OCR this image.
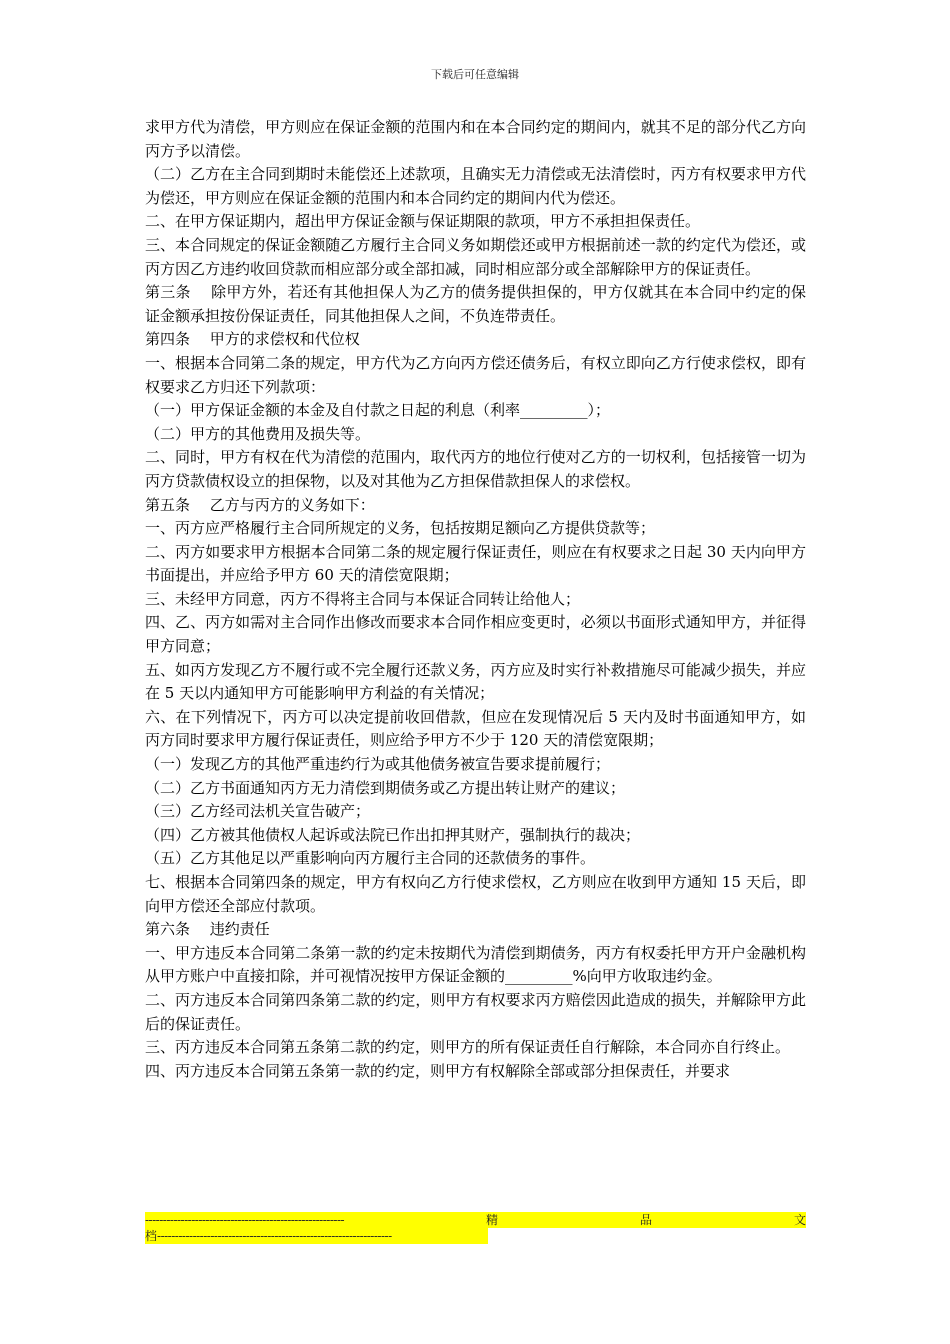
下载后可任意编辑

求甲方代为清偿，甲方则应在保证金额的范围内和在本合同约定的期间内，就其不足的部分代乙方向丙方予以清偿。

（二）乙方在主合同到期时未能偿还上述款项，且确实无力清偿或无法清偿时，丙方有权要求甲方代为偿还，甲方则应在保证金额的范围内和本合同约定的期间内代为偿还。

二、在甲方保证期内，超出甲方保证金额与保证期限的款项，甲方不承担担保责任。

三、本合同规定的保证金额随乙方履行主合同义务如期偿还或甲方根据前述一款的约定代为偿还，或丙方因乙方违约收回贷款而相应部分或全部扣减，同时相应部分或全部解除甲方的保证责任。

第三条　 除甲方外，若还有其他担保人为乙方的债务提供担保的，甲方仅就其在本合同中约定的保证金额承担按份保证责任，同其他担保人之间，不负连带责任。

第四条　 甲方的求偿权和代位权

一、根据本合同第二条的规定，甲方代为乙方向丙方偿还债务后，有权立即向乙方行使求偿权，即有权要求乙方归还下列款项：

（一）甲方保证金额的本金及自付款之日起的利息（利率_________）；

（二）甲方的其他费用及损失等。

二、同时，甲方有权在代为清偿的范围内，取代丙方的地位行使对乙方的一切权利，包括接管一切为丙方贷款债权设立的担保物，以及对其他为乙方担保借款担保人的求偿权。

第五条　 乙方与丙方的义务如下：

一、丙方应严格履行主合同所规定的义务，包括按期足额向乙方提供贷款等；

二、丙方如要求甲方根据本合同第二条的规定履行保证责任，则应在有权要求之日起 30 天内向甲方书面提出，并应给予甲方 60 天的清偿宽限期；

三、未经甲方同意，丙方不得将主合同与本保证合同转让给他人；

四、乙、丙方如需对主合同作出修改而要求本合同作相应变更时，必须以书面形式通知甲方，并征得甲方同意；

五、如丙方发现乙方不履行或不完全履行还款义务，丙方应及时实行补救措施尽可能减少损失，并应在 5 天以内通知甲方可能影响甲方利益的有关情况；

六、在下列情况下，丙方可以决定提前收回借款，但应在发现情况后 5 天内及时书面通知甲方，如丙方同时要求甲方履行保证责任，则应给予甲方不少于 120 天的清偿宽限期；

（一）发现乙方的其他严重违约行为或其他债务被宣告要求提前履行；

（二）乙方书面通知丙方无力清偿到期债务或乙方提出转让财产的建议；

（三）乙方经司法机关宣告破产；

（四）乙方被其他债权人起诉或法院已作出扣押其财产，强制执行的裁决；

（五）乙方其他足以严重影响向丙方履行主合同的还款债务的事件。

七、根据本合同第四条的规定，甲方有权向乙方行使求偿权，乙方则应在收到甲方通知 15 天后，即向甲方偿还全部应付款项。

第六条　 违约责任

一、甲方违反本合同第二条第一款的约定未按期代为清偿到期债务，丙方有权委托甲方开户金融机构从甲方账户中直接扣除，并可视情况按甲方保证金额的_________%向甲方收取违约金。

二、丙方违反本合同第四条第二款的约定，则甲方有权要求丙方赔偿因此造成的损失，并解除甲方此后的保证责任。

三、丙方违反本合同第五条第二款的约定，则甲方的所有保证责任自行解除，本合同亦自行终止。

四、丙方违反本合同第五条第一款的约定，则甲方有权解除全部或部分担保责任，并要求

--------------------------------------------------------	精	品	文
档------------------------------------------------------------------
